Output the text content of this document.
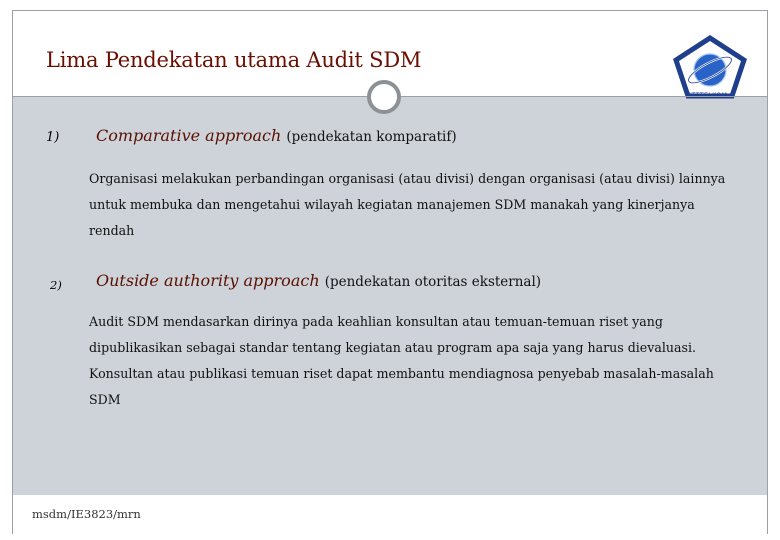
Lima Pendekatan utama Audit SDM
1) Comparative approach (pendekatan komparatif)

Organisasi melakukan perbandingan organisasi (atau divisi) dengan organisasi (atau divisi) lainnya untuk membuka dan mengetahui wilayah kegiatan manajemen SDM manakah yang kinerjanya rendah

2) Outside authority approach (pendekatan otoritas eksternal)

Audit SDM mendasarkan dirinya pada keahlian konsultan atau temuan-temuan riset yang dipublikasikan sebagai standar tentang kegiatan atau program apa saja yang harus dievaluasi. Konsultan atau publikasi temuan riset dapat membantu mendiagnosa penyebab masalah-masalah SDM

msdm/IE3823/mrn
